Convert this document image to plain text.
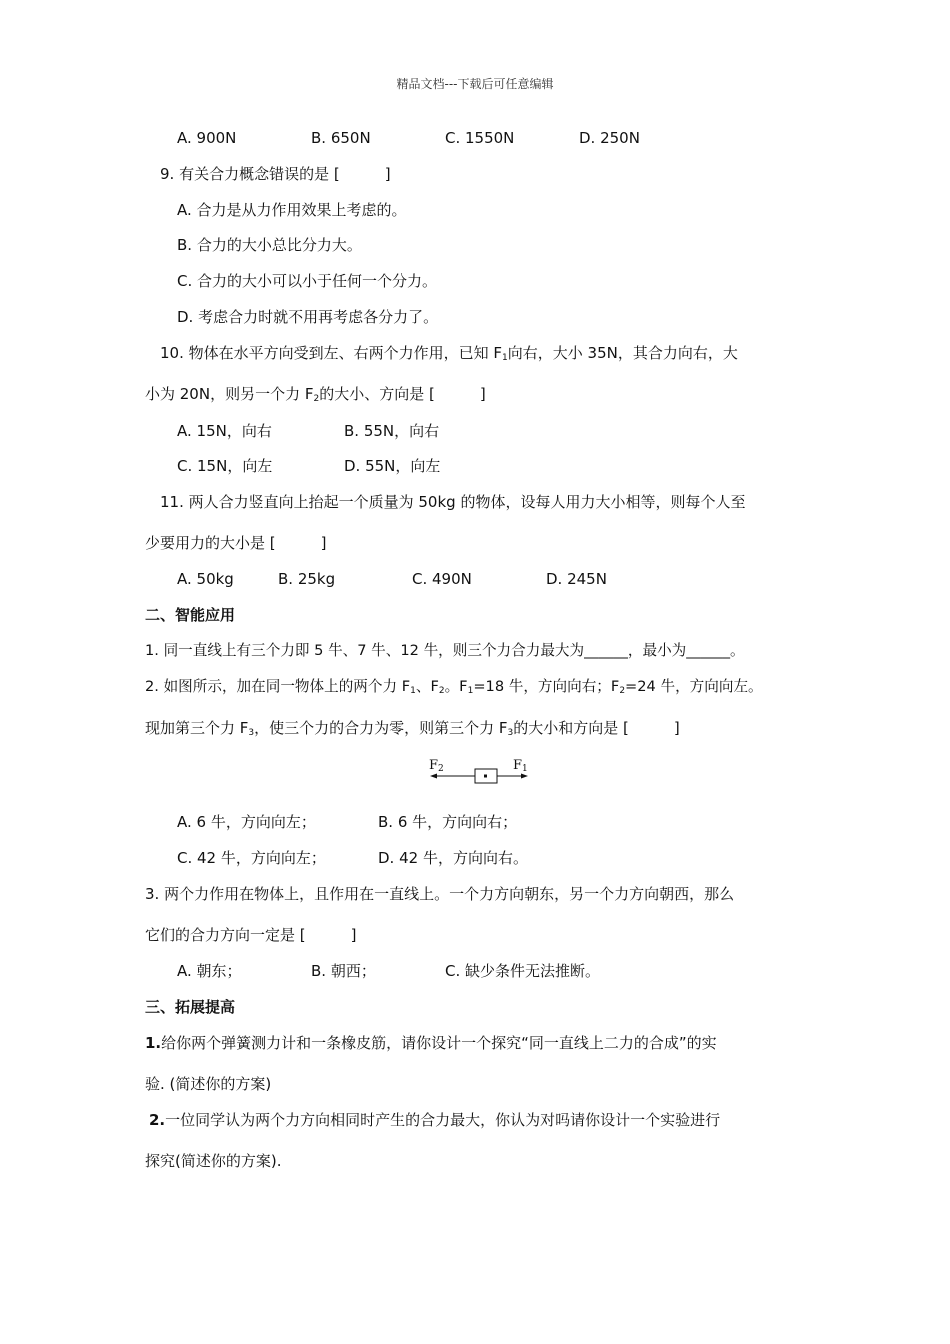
精品文档---下载后可任意编辑
A. 900N	B. 650N	C. 1550N	D. 250N
9. 有关合力概念错误的是 [　　　]
A. 合力是从力作用效果上考虑的。
B. 合力的大小总比分力大。
C. 合力的大小可以小于任何一个分力。
D. 考虑合力时就不用再考虑各分力了。
10. 物体在水平方向受到左、右两个力作用，已知 $F_1$向右，大小 35N，其合力向右，大
小为 20N，则另一个力 $F_2$的大小、方向是 [　　　]
A. 15N，向右	B. 55N，向右
C. 15N，向左	D. 55N，向左
11. 两人合力竖直向上抬起一个质量为 50kg 的物体，设每人用力大小相等，则每个人至
少要用力的大小是 [　　　]
A. 50kg	B. 25kg	C. 490N	D. 245N
二、智能应用
1. 同一直线上有三个力即 5 牛、7 牛、12 牛，则三个力合力最大为______，最小为______。
2. 如图所示，加在同一物体上的两个力 $F_1$、$F_2$。$F_1=18$ 牛，方向向右；$F_2=24$ 牛，方向向左。
现加第三个力 $F_3$，使三个力的合力为零，则第三个力 $F_3$的大小和方向是 [　　　]
F2	F1
A. 6 牛，方向向左；	B. 6 牛，方向向右；
C. 42 牛，方向向左；	D. 42 牛，方向向右。
3. 两个力作用在物体上，且作用在一直线上。一个力方向朝东，另一个力方向朝西，那么
它们的合力方向一定是 [　　　]
A. 朝东；	B. 朝西；	C. 缺少条件无法推断。
三、拓展提高
1.给你两个弹簧测力计和一条橡皮筋，请你设计一个探究“同一直线上二力的合成”的实
验. (简述你的方案)
2.一位同学认为两个力方向相同时产生的合力最大，你认为对吗请你设计一个实验进行
探究(简述你的方案).
